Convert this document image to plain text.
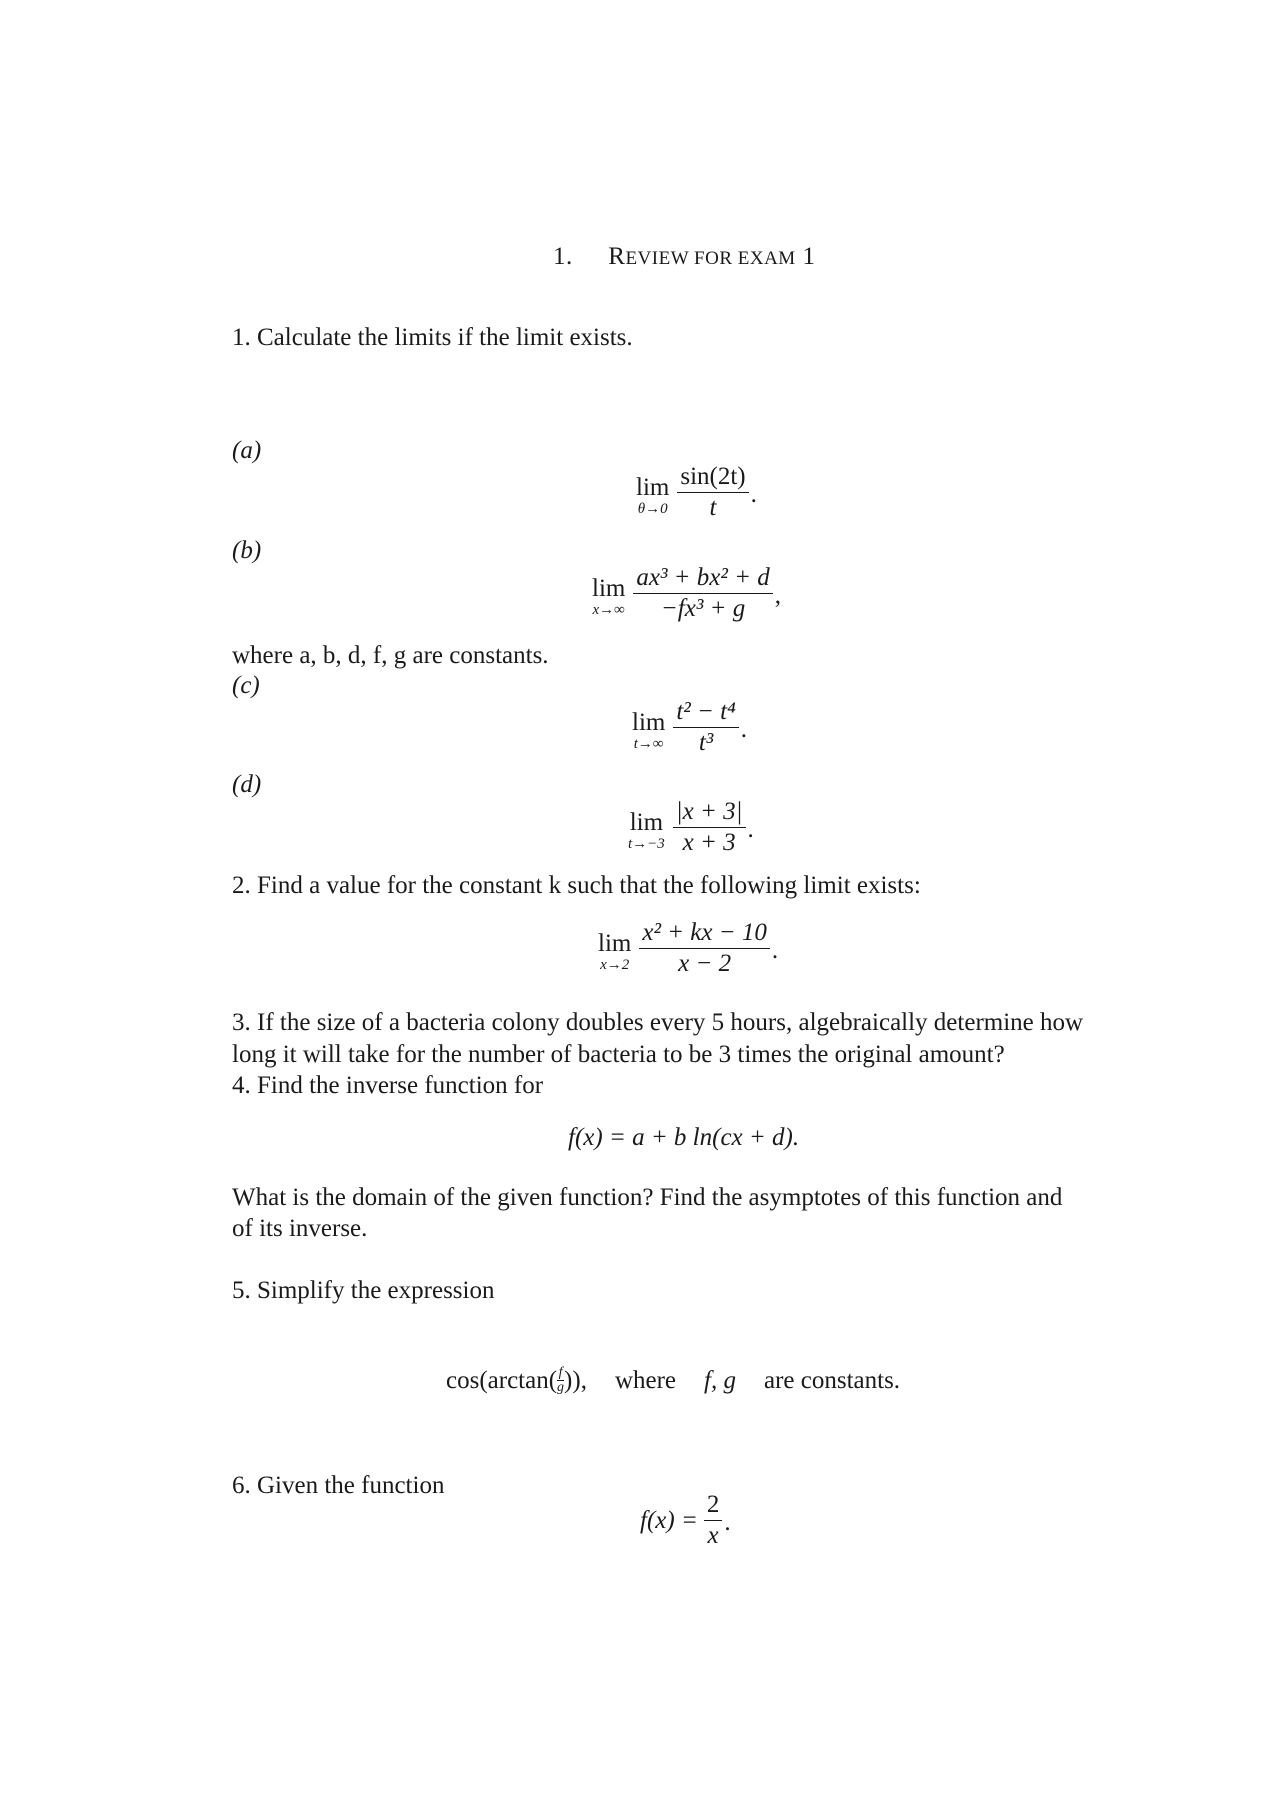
1. REVIEW FOR EXAM 1
1. Calculate the limits if the limit exists.
(a)
lim
$\theta\to 0 \frac{\sin(2t)}{t}$ .
(b)
lim
$x\to\infty \frac{\text{ax³ + bx² + d}}{\text{−fx³ + g}}$ ,
where a, b, d, f, g are constants.
(c)
lim
$t\to\infty \frac{\text{t² − t⁴}}{\text{t³}}$ .
(d)
lim
$t\to-3 \frac{|x + 3|}{x + 3}$ .
2. Find a value for the constant k such that the following limit exists:
lim
$x\to 2 \frac{\text{x² + kx − 10}}{x - 2}$ .
3. If the size of a bacteria colony doubles every 5 hours, algebraically determine how
long it will take for the number of bacteria to be 3 times the original amount?
4. Find the inverse function for
f(x) = a + b ln(cx + d).
What is the domain of the given function? Find the asymptotes of this function and
of its inverse.
5. Simplify the expression
$\cos(\arctan( \frac{f}{g}$ )), where f, g are constants.
6. Given the function
$f(x) = \frac{2}{x}$ .
